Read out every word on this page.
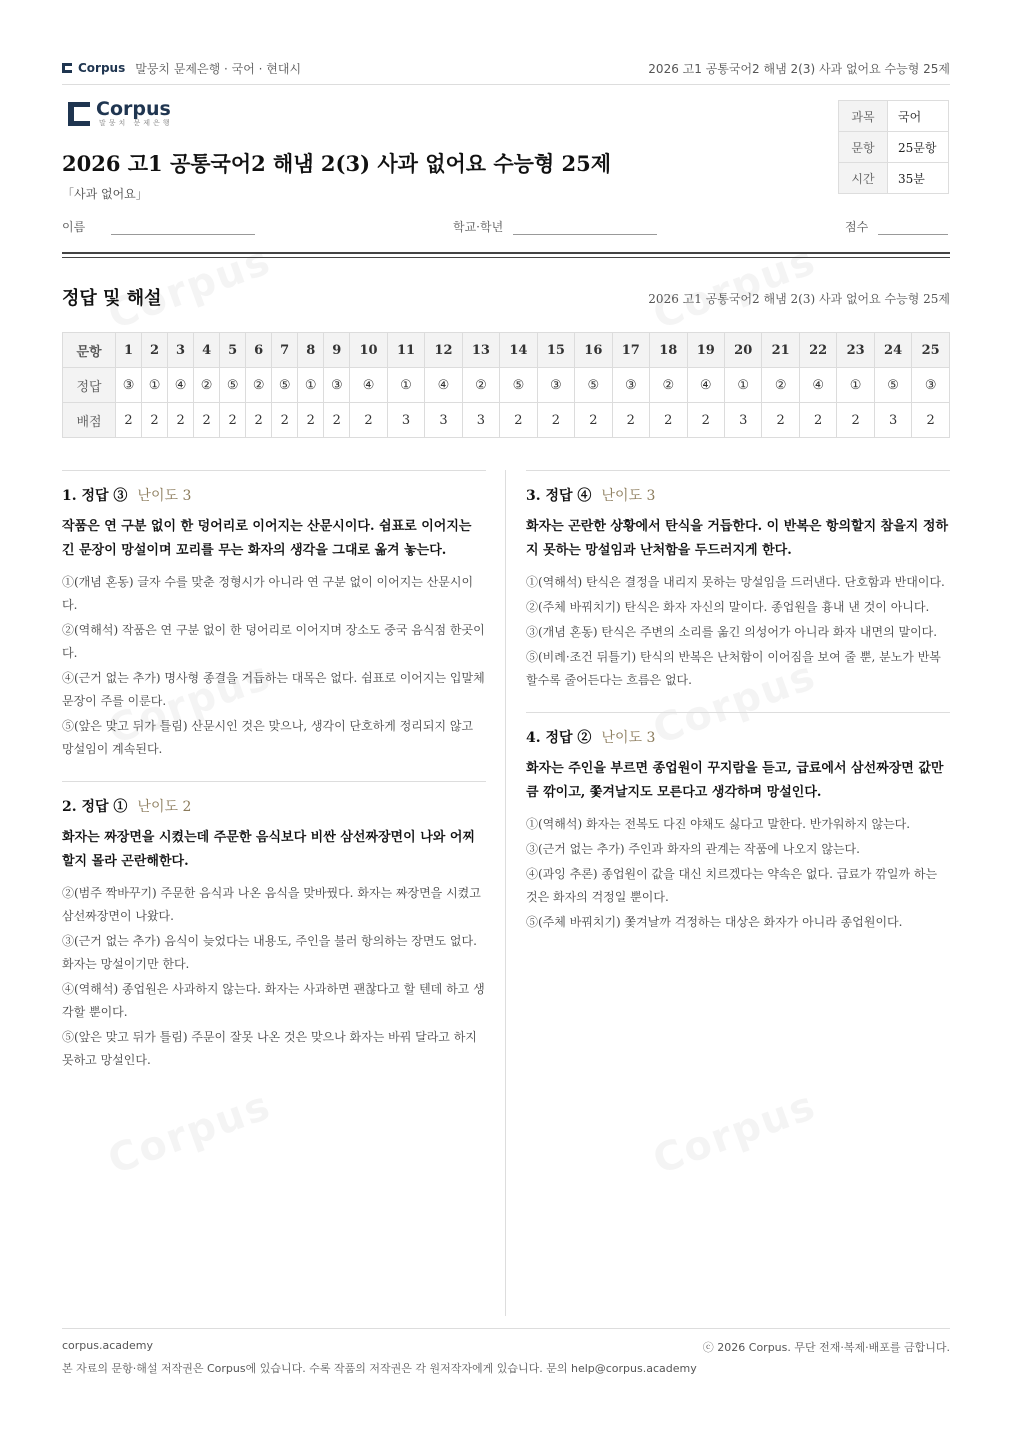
Corpus 말뭉치 문제은행 · 국어 · 현대시	2026 고1 공통국어2 해냄 2(3) 사과 없어요 수능형 25제
Corpus
말뭉치 문제은행
2026 고1 공통국어2 해냄 2(3) 사과 없어요 수능형 25제
「사과 없어요」
과목	국어
문항	25문항
시간	35분
이름	학교·학년	점수
정답 및 해설	2026 고1 공통국어2 해냄 2(3) 사과 없어요 수능형 25제
문항	1	2	3	4	5	6	7	8	9	10	11	12	13	14	15	16	17	18	19	20	21	22	23	24	25
정답	③	①	④	②	⑤	②	⑤	①	③	④	①	④	②	⑤	③	⑤	③	②	④	①	②	④	①	⑤	③
배점	2	2	2	2	2	2	2	2	2	2	3	3	3	2	2	2	2	2	2	3	2	2	2	3	2
1. 정답 ③ 난이도 3
작품은 연 구분 없이 한 덩어리로 이어지는 산문시이다. 쉼표로 이어지는 긴 문장이 망설이며 꼬리를 무는 화자의 생각을 그대로 옮겨 놓는다.
①(개념 혼동) 글자 수를 맞춘 정형시가 아니라 연 구분 없이 이어지는 산문시이다.
②(역해석) 작품은 연 구분 없이 한 덩어리로 이어지며 장소도 중국 음식점 한곳이다.
④(근거 없는 추가) 명사형 종결을 거듭하는 대목은 없다. 쉼표로 이어지는 입말체 문장이 주를 이룬다.
⑤(앞은 맞고 뒤가 틀림) 산문시인 것은 맞으나, 생각이 단호하게 정리되지 않고 망설임이 계속된다.
2. 정답 ① 난이도 2
화자는 짜장면을 시켰는데 주문한 음식보다 비싼 삼선짜장면이 나와 어찌할지 몰라 곤란해한다.
②(범주 짝바꾸기) 주문한 음식과 나온 음식을 맞바꿨다. 화자는 짜장면을 시켰고 삼선짜장면이 나왔다.
③(근거 없는 추가) 음식이 늦었다는 내용도, 주인을 불러 항의하는 장면도 없다. 화자는 망설이기만 한다.
④(역해석) 종업원은 사과하지 않는다. 화자는 사과하면 괜찮다고 할 텐데 하고 생각할 뿐이다.
⑤(앞은 맞고 뒤가 틀림) 주문이 잘못 나온 것은 맞으나 화자는 바꿔 달라고 하지 못하고 망설인다.
3. 정답 ④ 난이도 3
화자는 곤란한 상황에서 탄식을 거듭한다. 이 반복은 항의할지 참을지 정하지 못하는 망설임과 난처함을 두드러지게 한다.
①(역해석) 탄식은 결정을 내리지 못하는 망설임을 드러낸다. 단호함과 반대이다.
②(주체 바꿔치기) 탄식은 화자 자신의 말이다. 종업원을 흉내 낸 것이 아니다.
③(개념 혼동) 탄식은 주변의 소리를 옮긴 의성어가 아니라 화자 내면의 말이다.
⑤(비례·조건 뒤틀기) 탄식의 반복은 난처함이 이어짐을 보여 줄 뿐, 분노가 반복할수록 줄어든다는 흐름은 없다.
4. 정답 ② 난이도 3
화자는 주인을 부르면 종업원이 꾸지람을 듣고, 급료에서 삼선짜장면 값만큼 깎이고, 쫓겨날지도 모른다고 생각하며 망설인다.
①(역해석) 화자는 전복도 다진 야채도 싫다고 말한다. 반가워하지 않는다.
③(근거 없는 추가) 주인과 화자의 관계는 작품에 나오지 않는다.
④(과잉 추론) 종업원이 값을 대신 치르겠다는 약속은 없다. 급료가 깎일까 하는 것은 화자의 걱정일 뿐이다.
⑤(주체 바꿔치기) 쫓겨날까 걱정하는 대상은 화자가 아니라 종업원이다.
corpus.academy	ⓒ 2026 Corpus. 무단 전재·복제·배포를 금합니다.
본 자료의 문항·해설 저작권은 Corpus에 있습니다. 수록 작품의 저작권은 각 원저작자에게 있습니다. 문의 help@corpus.academy
